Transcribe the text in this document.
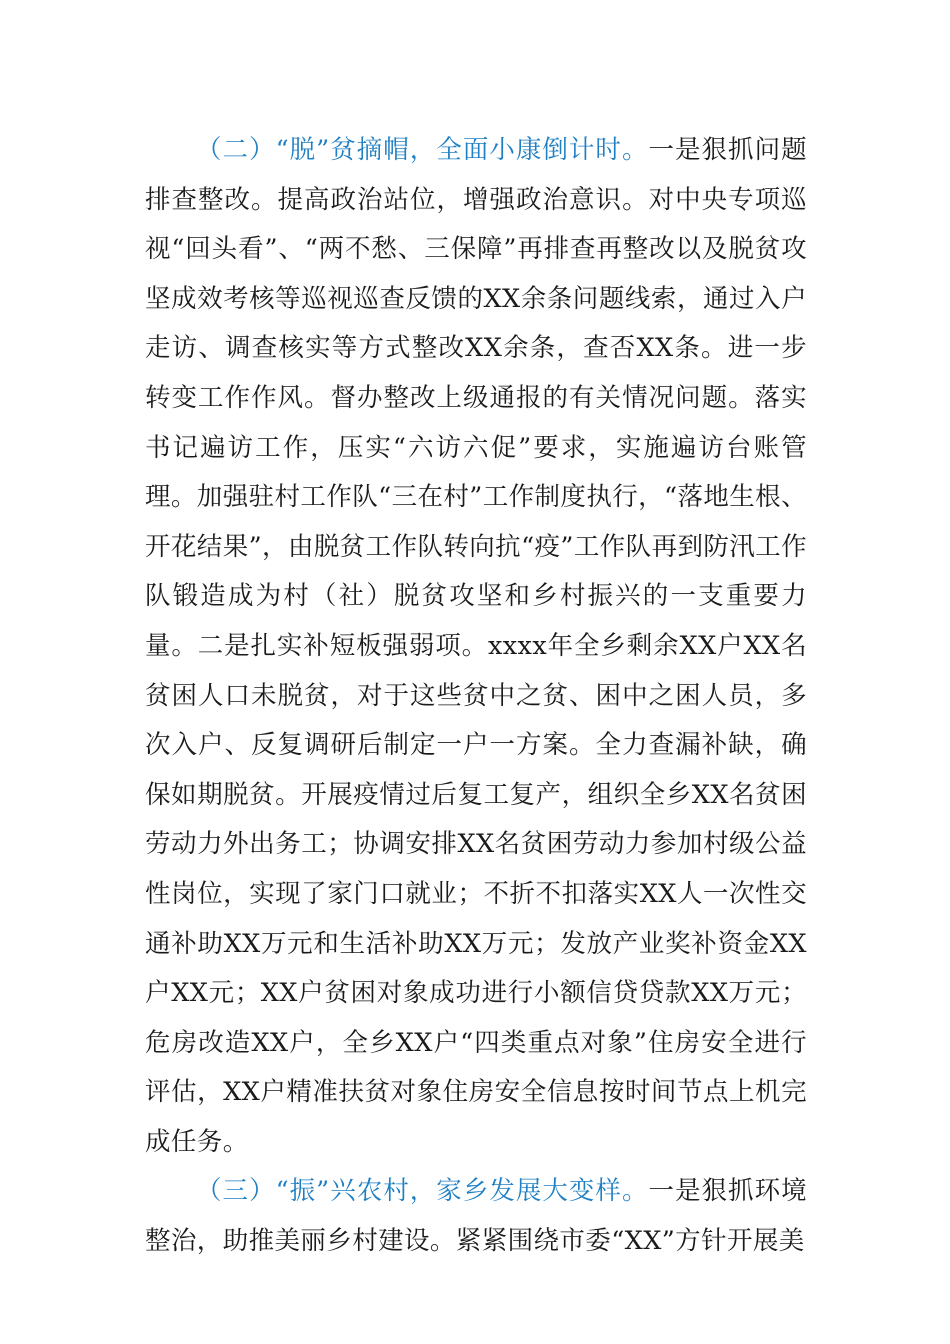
（二）“脱”贫摘帽，全面小康倒计时。一是狠抓问题排查整改。提高政治站位，增强政治意识。对中央专项巡视“回头看”、“两不愁、三保障”再排查再整改以及脱贫攻坚成效考核等巡视巡查反馈的XX余条问题线索，通过入户走访、调查核实等方式整改XX余条，查否XX条。进一步转变工作作风。督办整改上级通报的有关情况问题。落实书记遍访工作，压实“六访六促”要求，实施遍访台账管理。加强驻村工作队“三在村”工作制度执行，“落地生根、开花结果”，由脱贫工作队转向抗“疫”工作队再到防汛工作队锻造成为村（社）脱贫攻坚和乡村振兴的一支重要力量。二是扎实补短板强弱项。xxxx年全乡剩余XX户XX名贫困人口未脱贫，对于这些贫中之贫、困中之困人员，多次入户、反复调研后制定一户一方案。全力查漏补缺，确保如期脱贫。开展疫情过后复工复产，组织全乡XX名贫困劳动力外出务工；协调安排XX名贫困劳动力参加村级公益性岗位，实现了家门口就业；不折不扣落实XX人一次性交通补助XX万元和生活补助XX万元；发放产业奖补资金XX户XX元；XX户贫困对象成功进行小额信贷贷款XX万元；危房改造XX户，全乡XX户“四类重点对象”住房安全进行评估，XX户精准扶贫对象住房安全信息按时间节点上机完成任务。

（三）“振”兴农村，家乡发展大变样。一是狠抓环境整治，助推美丽乡村建设。紧紧围绕市委“XX”方针开展美
